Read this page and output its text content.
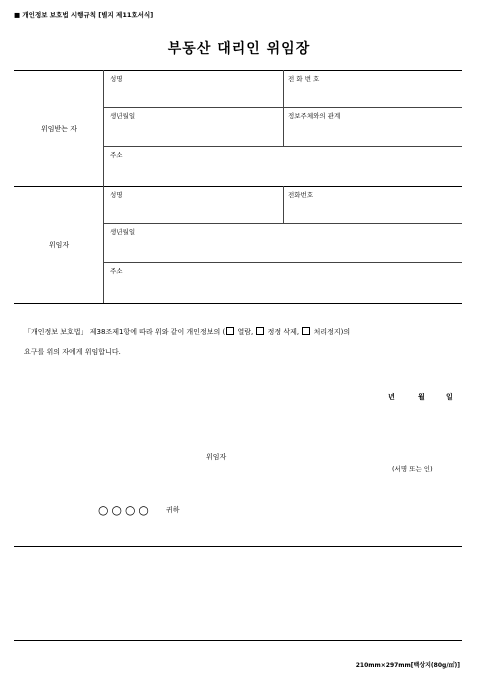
■ 개인정보 보호법 시행규칙 [별지 제11호서식]
부동산 대리인 위임장
위임받는 자
성명	전 화 번 호
생년월일	정보주체와의 관계
주소
위임자
성명	전화번호
생년월일
주소
「개인정보 보호법」 제38조제1항에 따라 위와 같이 개인정보의 ( 열람, 정정 삭제, 처리정지)의
요구를 위의 자에게 위임합니다.
년	월	일
위임자
(서명 또는 인)
○○○○ 귀하
210mm×297mm[백상지(80g/㎡)]
